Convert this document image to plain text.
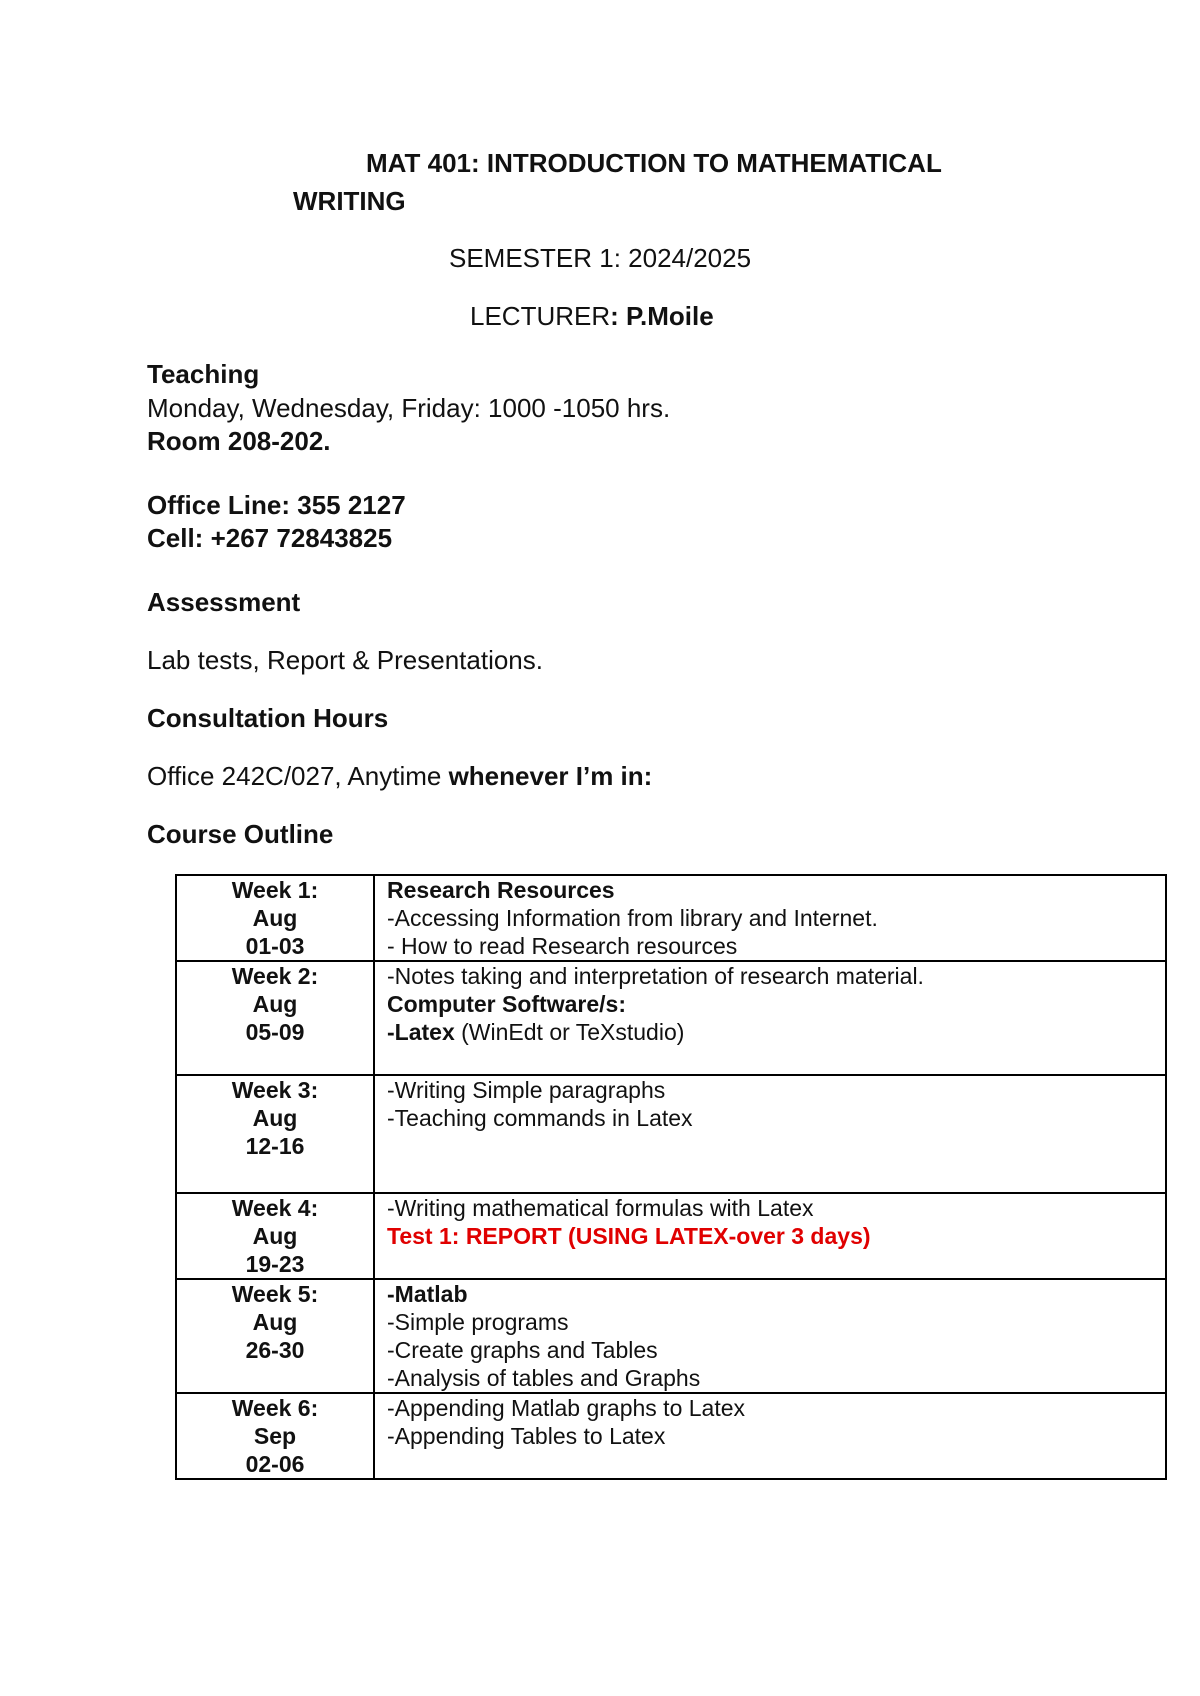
MAT 401: INTRODUCTION TO MATHEMATICAL
WRITING
SEMESTER 1: 2024/2025
LECTURER: P.Moile
Teaching
Monday, Wednesday, Friday: 1000 -1050 hrs.
Room 208-202.
Office Line: 355 2127
Cell: +267 72843825
Assessment
Lab tests, Report & Presentations.
Consultation Hours
Office 242C/027, Anytime whenever I’m in:
Course Outline
Week 1:
Aug
01-03	Research Resources
-Accessing Information from library and Internet.
- How to read Research resources

Week 2:
Aug
05-09	-Notes taking and interpretation of research material.
Computer Software/s:
-Latex (WinEdt or TeXstudio)

Week 3:
Aug
12-16	-Writing Simple paragraphs
-Teaching commands in Latex

Week 4:
Aug
19-23	-Writing mathematical formulas with Latex
Test 1: REPORT (USING LATEX-over 3 days)

Week 5:
Aug
26-30	-Matlab
-Simple programs
-Create graphs and Tables
-Analysis of tables and Graphs

Week 6:
Sep
02-06	-Appending Matlab graphs to Latex
-Appending Tables to Latex
